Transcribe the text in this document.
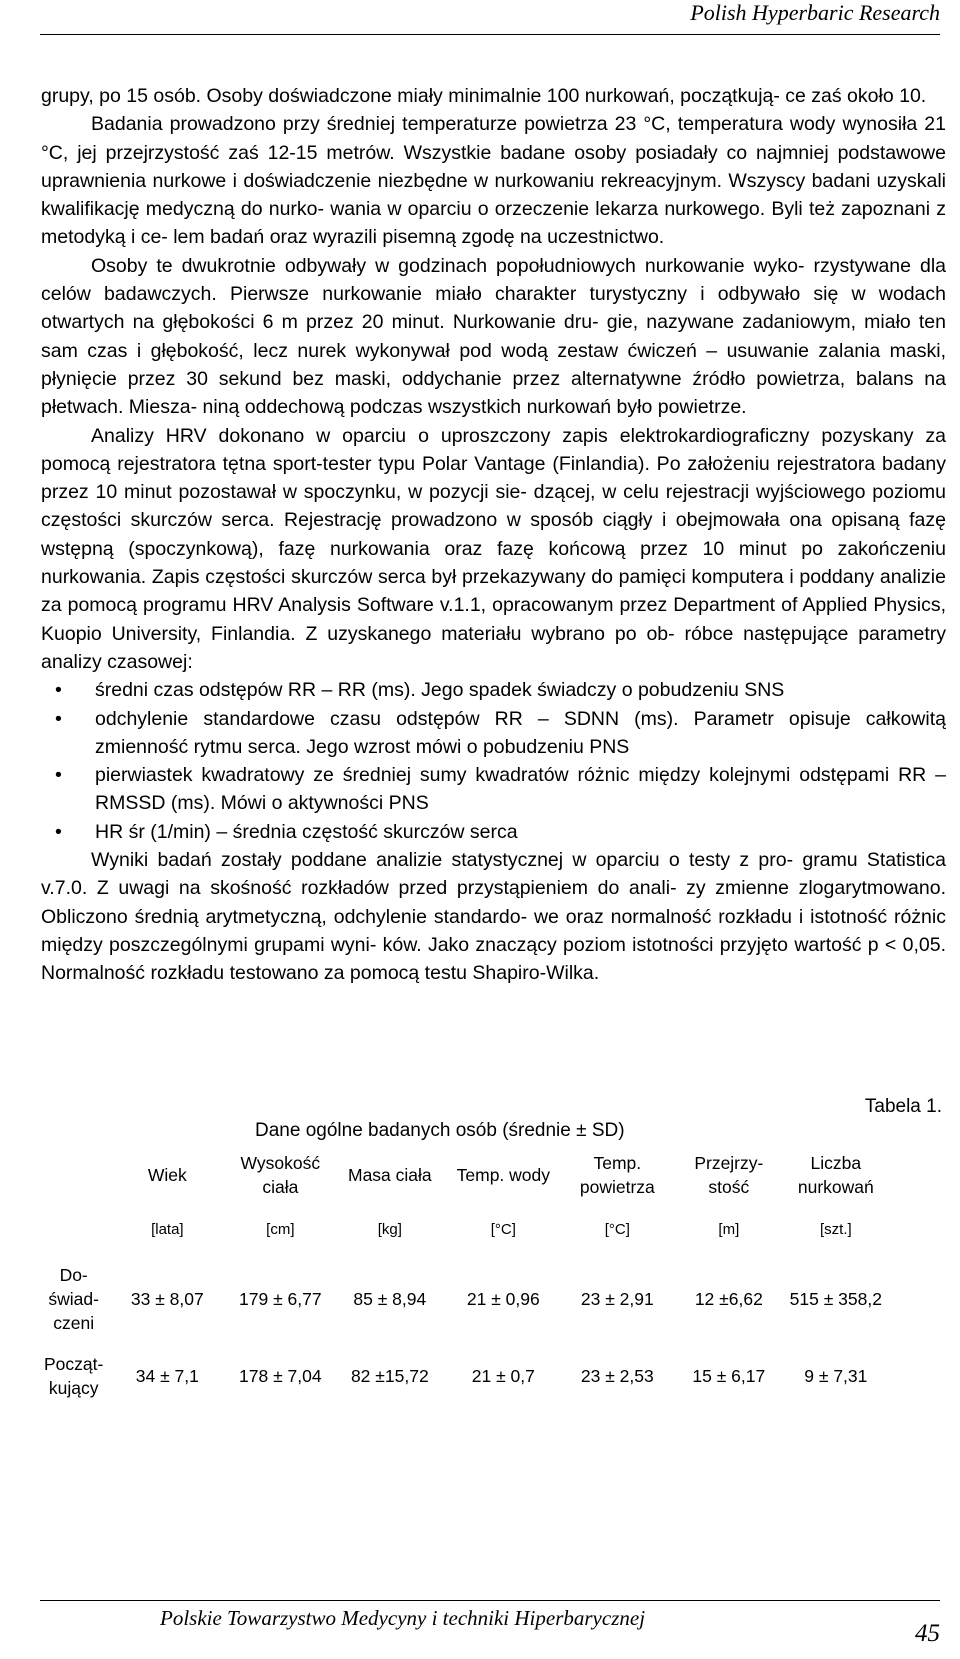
Polish Hyperbaric Research

grupy, po 15 osób. Osoby doświadczone miały minimalnie 100 nurkowań, początkują- ce zaś około 10.

Badania prowadzono przy średniej temperaturze powietrza 23 °C, temperatura wody wynosiła 21 °C, jej przejrzystość zaś 12-15 metrów. Wszystkie badane osoby posiadały co najmniej podstawowe uprawnienia nurkowe i doświadczenie niezbędne w nurkowaniu rekreacyjnym. Wszyscy badani uzyskali kwalifikację medyczną do nurko- wania w oparciu o orzeczenie lekarza nurkowego. Byli też zapoznani z metodyką i ce- lem badań oraz wyrazili pisemną zgodę na uczestnictwo.

Osoby te dwukrotnie odbywały w godzinach popołudniowych nurkowanie wyko- rzystywane dla celów badawczych. Pierwsze nurkowanie miało charakter turystyczny i odbywało się w wodach otwartych na głębokości 6 m przez 20 minut. Nurkowanie dru- gie, nazywane zadaniowym, miało ten sam czas i głębokość, lecz nurek wykonywał pod wodą zestaw ćwiczeń – usuwanie zalania maski, płynięcie przez 30 sekund bez maski, oddychanie przez alternatywne źródło powietrza, balans na płetwach. Miesza- niną oddechową podczas wszystkich nurkowań było powietrze.

Analizy HRV dokonano w oparciu o uproszczony zapis elektrokardiograficzny pozyskany za pomocą rejestratora tętna sport-tester typu Polar Vantage (Finlandia). Po założeniu rejestratora badany przez 10 minut pozostawał w spoczynku, w pozycji sie- dzącej, w celu rejestracji wyjściowego poziomu częstości skurczów serca. Rejestrację prowadzono w sposób ciągły i obejmowała ona opisaną fazę wstępną (spoczynkową), fazę nurkowania oraz fazę końcową przez 10 minut po zakończeniu nurkowania. Zapis częstości skurczów serca był przekazywany do pamięci komputera i poddany analizie za pomocą programu HRV Analysis Software v.1.1, opracowanym przez Department of Applied Physics, Kuopio University, Finlandia. Z uzyskanego materiału wybrano po ob- róbce następujące parametry analizy czasowej:

• średni czas odstępów RR – RR (ms). Jego spadek świadczy o pobudzeniu SNS
• odchylenie standardowe czasu odstępów RR – SDNN (ms). Parametr opisuje całkowitą zmienność rytmu serca. Jego wzrost mówi o pobudzeniu PNS
• pierwiastek kwadratowy ze średniej sumy kwadratów różnic między kolejnymi odstępami RR – RMSSD (ms). Mówi o aktywności PNS
• HR śr (1/min) – średnia częstość skurczów serca

Wyniki badań zostały poddane analizie statystycznej w oparciu o testy z pro- gramu Statistica v.7.0. Z uwagi na skośność rozkładów przed przystąpieniem do anali- zy zmienne zlogarytmowano. Obliczono średnią arytmetyczną, odchylenie standardo- we oraz normalność rozkładu i istotność różnic między poszczególnymi grupami wyni- ków. Jako znaczący poziom istotności przyjęto wartość p < 0,05. Normalność rozkładu testowano za pomocą testu Shapiro-Wilka.

Tabela 1.
Dane ogólne badanych osób (średnie ± SD)
	Wiek	Wysokość ciała	Masa ciała	Temp. wody	Temp. powietrza	Przejrzy- stość	Liczba nurkowań
	[lata]	[cm]	[kg]	[°C]	[°C]	[m]	[szt.]
Do- świad- czeni	33 ± 8,07	179 ± 6,77	85 ± 8,94	21 ± 0,96	23 ± 2,91	12 ±6,62	515 ± 358,2
Począt- kujący	34 ± 7,1	178 ± 7,04	82 ±15,72	21 ± 0,7	23 ± 2,53	15 ± 6,17	9 ± 7,31
Polskie Towarzystwo Medycyny i techniki Hiperbarycznej
45
